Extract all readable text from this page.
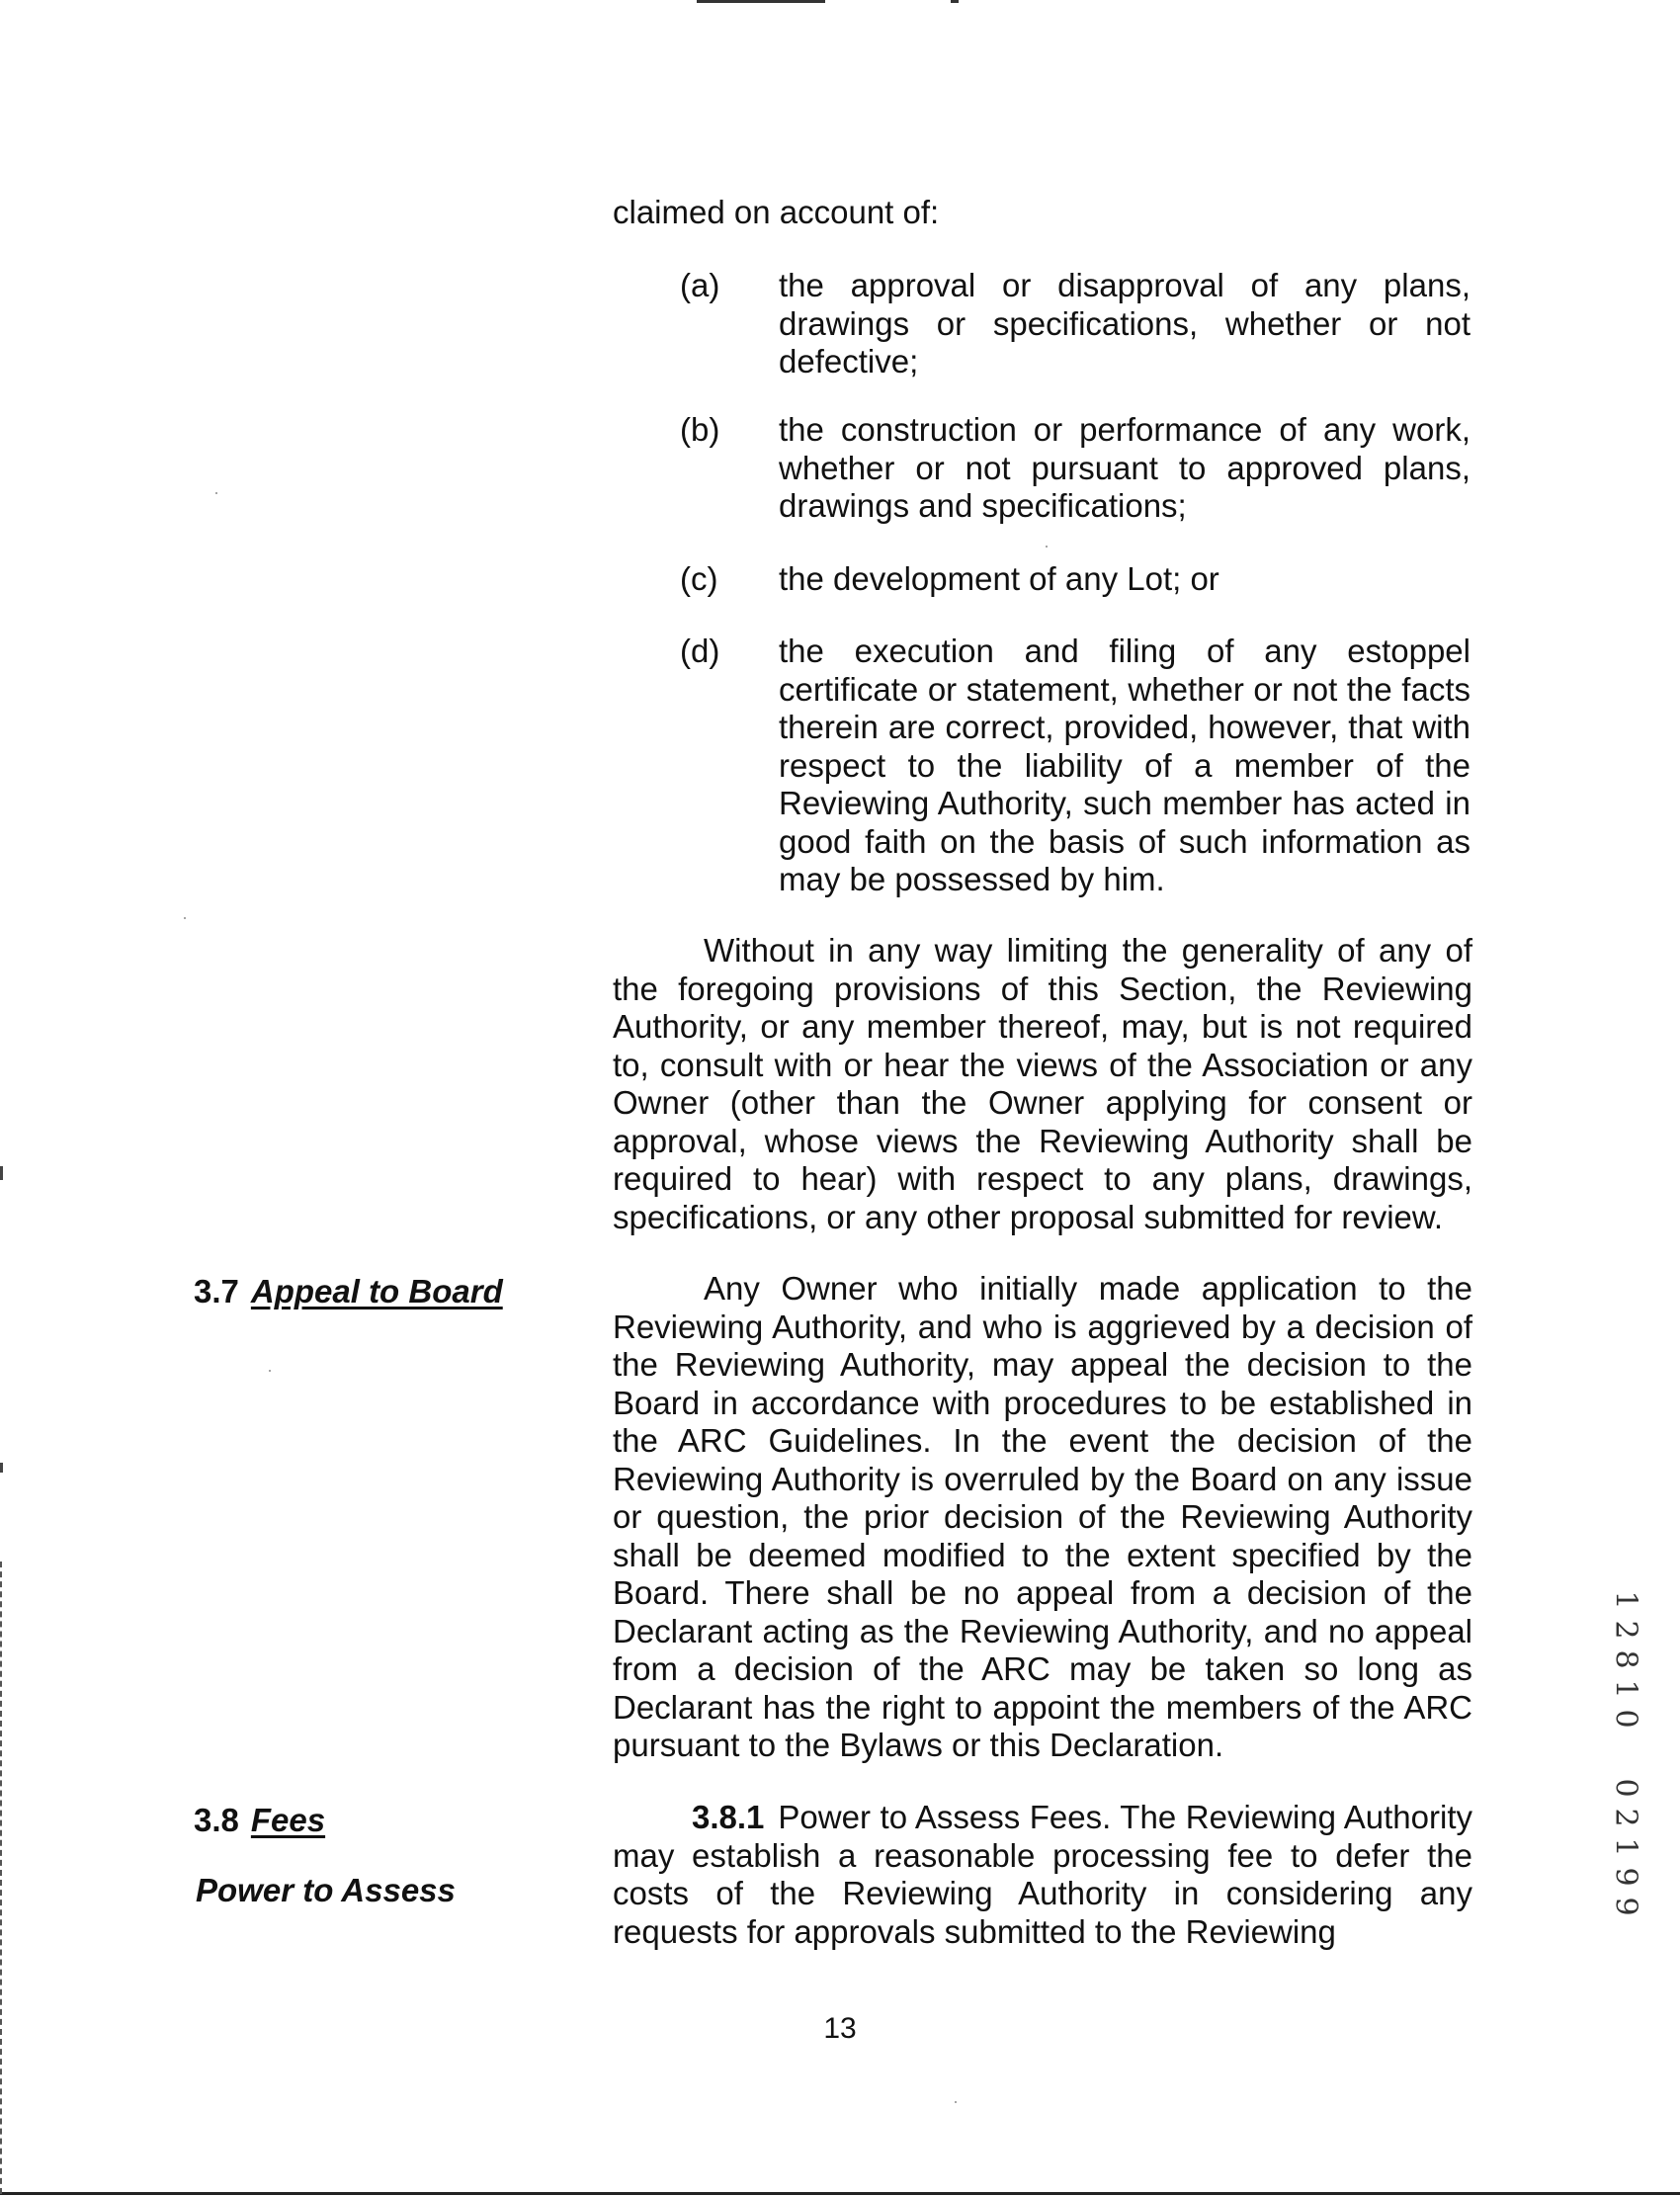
claimed on account of:
(a)	the approval or disapproval of any plans, drawings or specifications, whether or not defective;
(b)	the construction or performance of any work, whether or not pursuant to approved plans, drawings and specifications;
(c)	the development of any Lot; or
(d)	the execution and filing of any estoppel certificate or statement, whether or not the facts therein are correct, provided, however, that with respect to the liability of a member of the Reviewing Authority, such member has acted in good faith on the basis of such information as may be possessed by him.
Without in any way limiting the generality of any of the foregoing provisions of this Section, the Reviewing Authority, or any member thereof, may, but is not required to, consult with or hear the views of the Association or any Owner (other than the Owner applying for consent or approval, whose views the Reviewing Authority shall be required to hear) with respect to any plans, drawings, specifications, or any other proposal submitted for review.
3.7 Appeal to Board	Any Owner who initially made application to the Reviewing Authority, and who is aggrieved by a decision of the Reviewing Authority, may appeal the decision to the Board in accordance with procedures to be established in the ARC Guidelines. In the event the decision of the Reviewing Authority is overruled by the Board on any issue or question, the prior decision of the Reviewing Authority shall be deemed modified to the extent specified by the Board. There shall be no appeal from a decision of the Declarant acting as the Reviewing Authority, and no appeal from a decision of the ARC may be taken so long as Declarant has the right to appoint the members of the ARC pursuant to the Bylaws or this Declaration.
3.8 Fees
Power to Assess
3.8.1 Power to Assess Fees. The Reviewing Authority may establish a reasonable processing fee to defer the costs of the Reviewing Authority in considering any requests for approvals submitted to the Reviewing
13
1
2
8
1
0
0
2
1
9
9
